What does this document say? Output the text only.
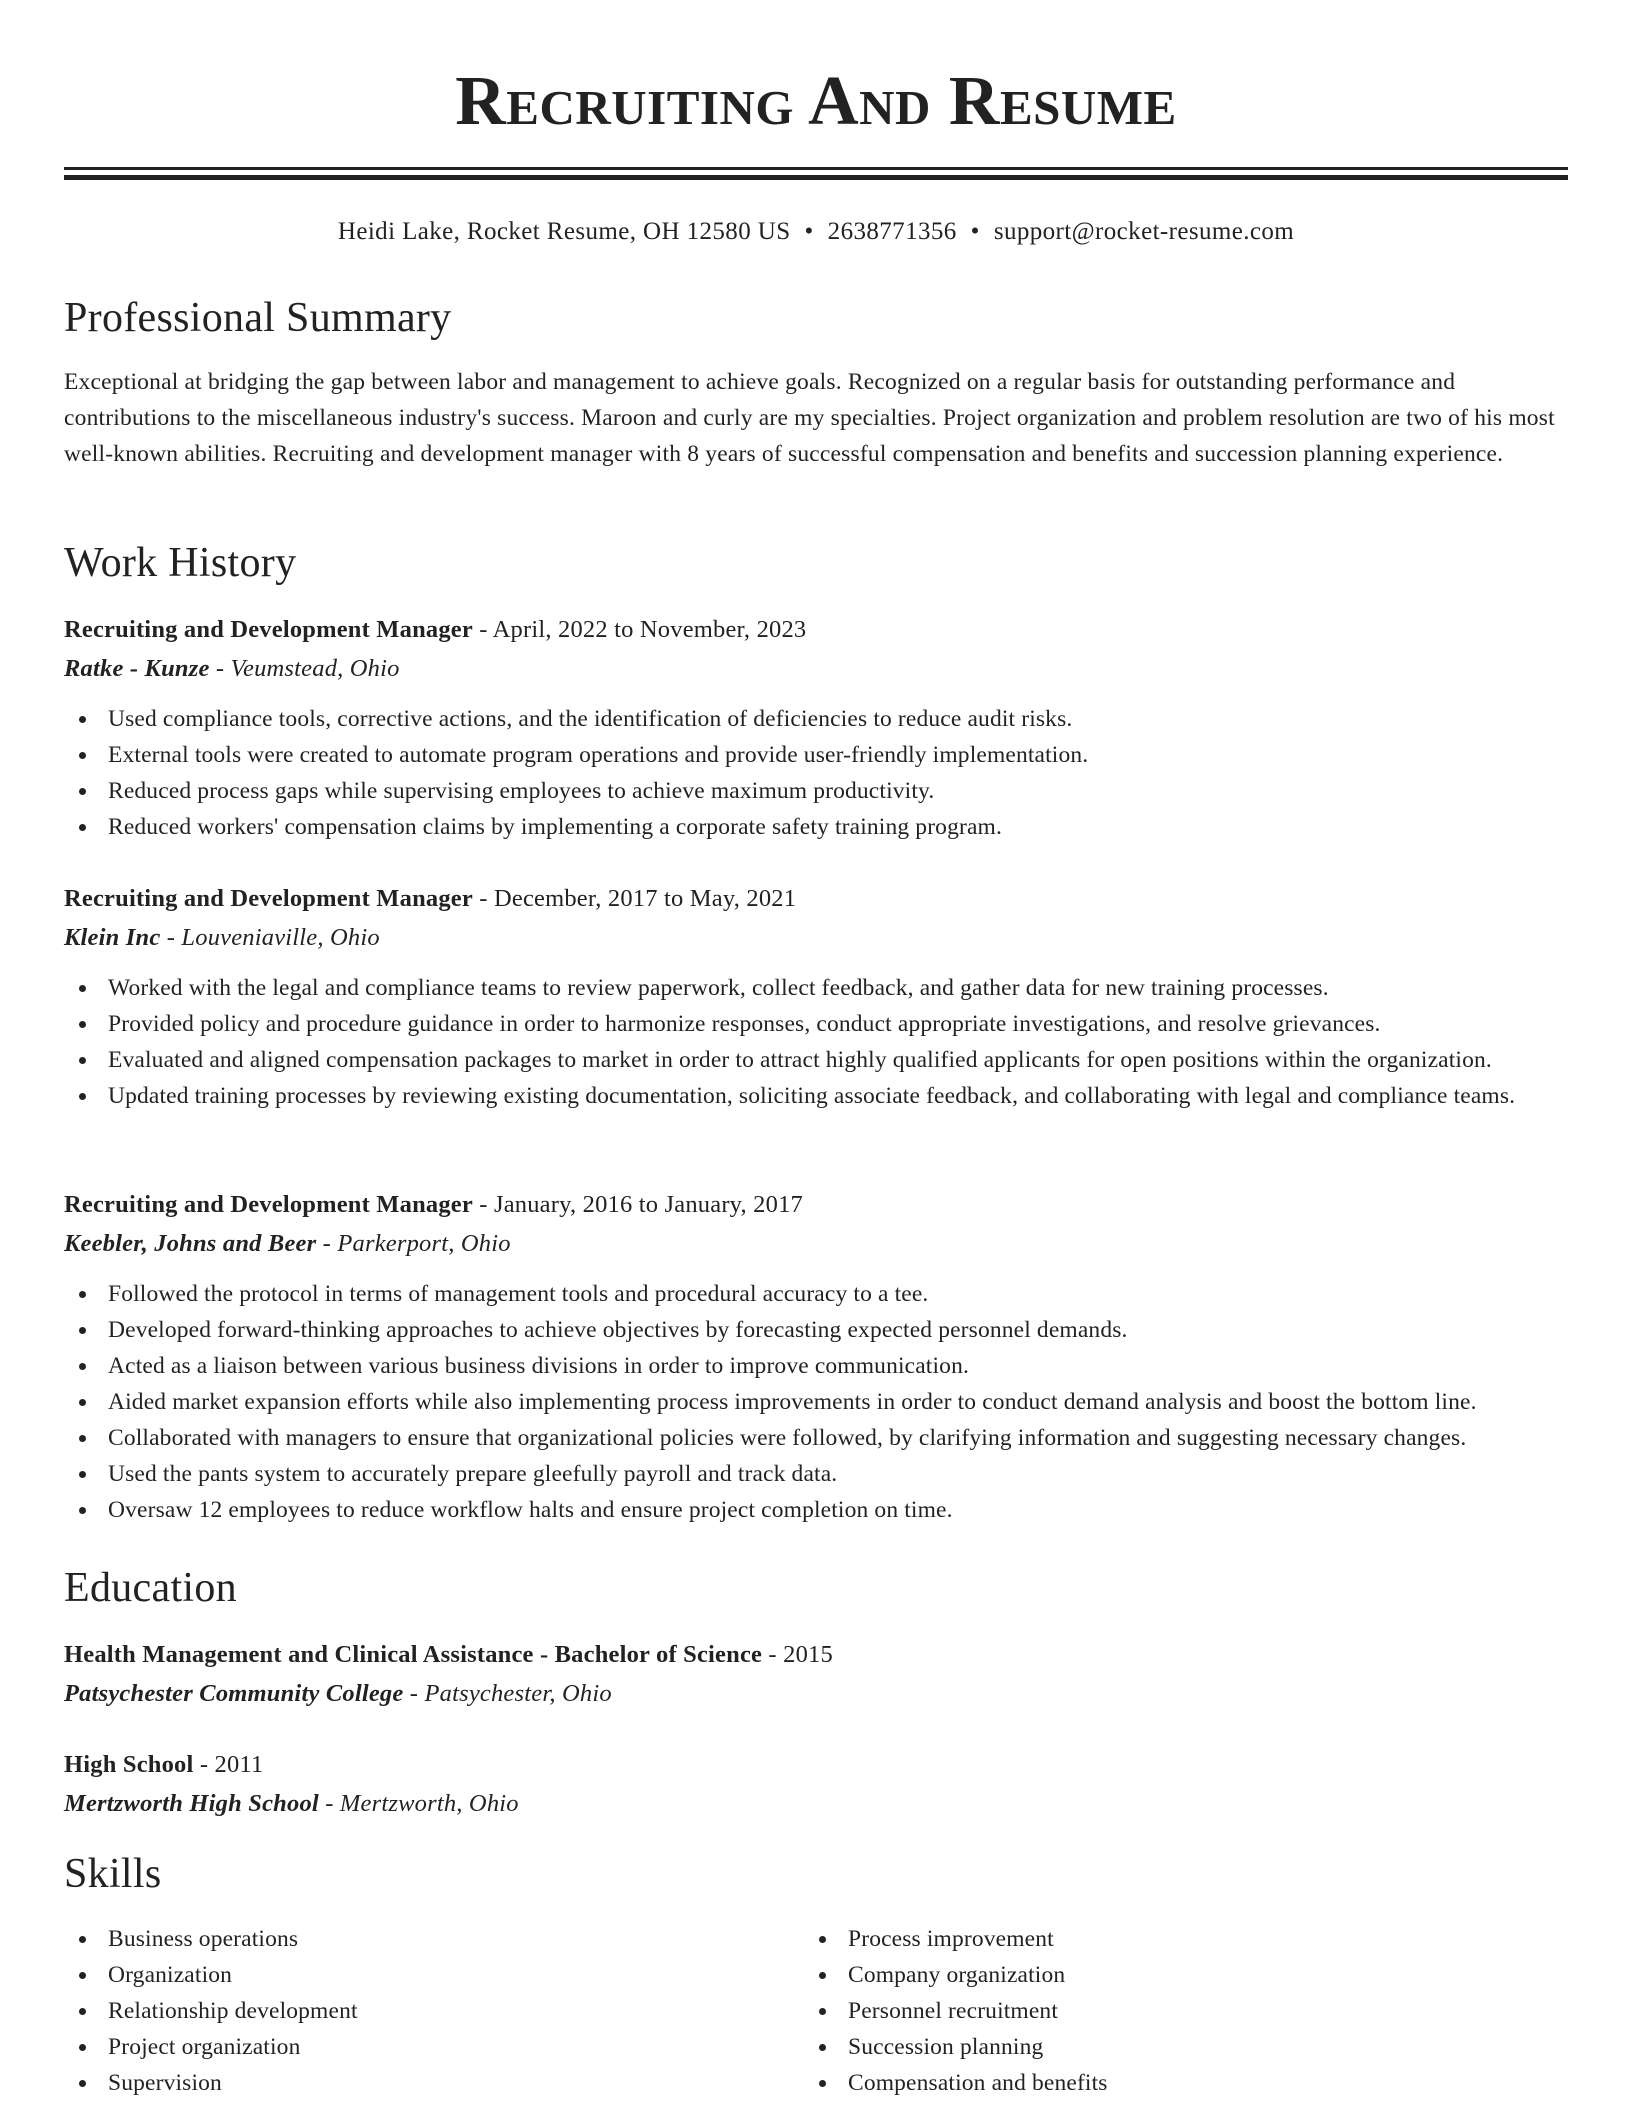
Recruiting And Resume
Heidi Lake, Rocket Resume, OH 12580 US • 2638771356 • support@rocket-resume.com
Professional Summary

Exceptional at bridging the gap between labor and management to achieve goals. Recognized on a regular basis for outstanding performance and contributions to the miscellaneous industry's success. Maroon and curly are my specialties. Project organization and problem resolution are two of his most well-known abilities. Recruiting and development manager with 8 years of successful compensation and benefits and succession planning experience.

Work History
Recruiting and Development Manager - April, 2022 to November, 2023
Ratke - Kunze - Veumstead, Ohio
Used compliance tools, corrective actions, and the identification of deficiencies to reduce audit risks.
External tools were created to automate program operations and provide user-friendly implementation.
Reduced process gaps while supervising employees to achieve maximum productivity.
Reduced workers' compensation claims by implementing a corporate safety training program.
Recruiting and Development Manager - December, 2017 to May, 2021
Klein Inc - Louveniaville, Ohio
Worked with the legal and compliance teams to review paperwork, collect feedback, and gather data for new training processes.
Provided policy and procedure guidance in order to harmonize responses, conduct appropriate investigations, and resolve grievances.
Evaluated and aligned compensation packages to market in order to attract highly qualified applicants for open positions within the organization.
Updated training processes by reviewing existing documentation, soliciting associate feedback, and collaborating with legal and compliance teams.
Recruiting and Development Manager - January, 2016 to January, 2017
Keebler, Johns and Beer - Parkerport, Ohio
Followed the protocol in terms of management tools and procedural accuracy to a tee.
Developed forward-thinking approaches to achieve objectives by forecasting expected personnel demands.
Acted as a liaison between various business divisions in order to improve communication.
Aided market expansion efforts while also implementing process improvements in order to conduct demand analysis and boost the bottom line.
Collaborated with managers to ensure that organizational policies were followed, by clarifying information and suggesting necessary changes.
Used the pants system to accurately prepare gleefully payroll and track data.
Oversaw 12 employees to reduce workflow halts and ensure project completion on time.
Education
Health Management and Clinical Assistance - Bachelor of Science - 2015
Patsychester Community College - Patsychester, Ohio
High School - 2011
Mertzworth High School - Mertzworth, Ohio
Skills
Business operations
Organization
Relationship development
Project organization
Supervision
Process improvement
Company organization
Personnel recruitment
Succession planning
Compensation and benefits
